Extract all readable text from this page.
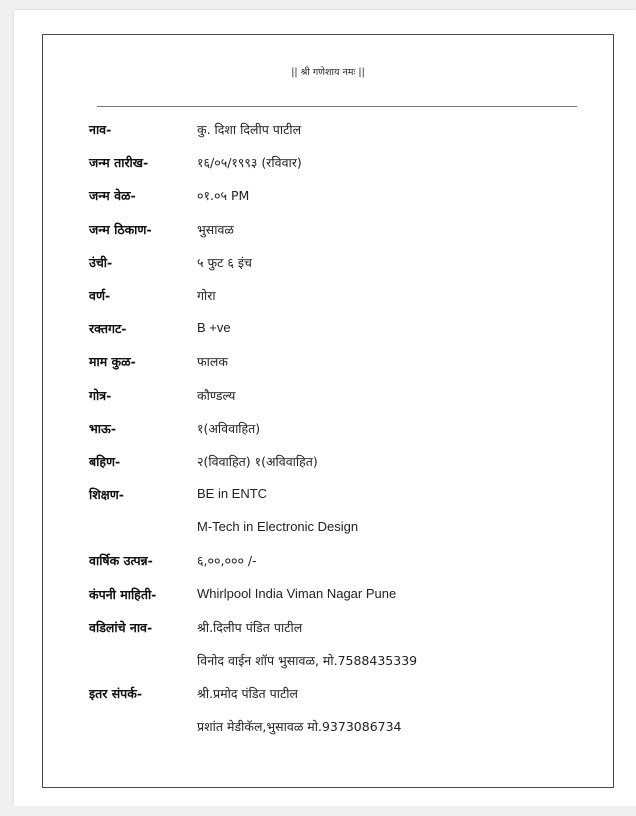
|| श्री गणेशाय नमः ||
नाव-	कु. दिशा दिलीप पाटील
जन्म तारीख-	१६/०५/१९९३ (रविवार)
जन्म वेळ-	०१.०५ PM
जन्म ठिकाण-	भुसावळ
उंची-	५ फुट ६ इंच
वर्ण-	गोरा
रक्तगट-	B +ve
माम कुळ-	फालक
गोत्र-	कौण्डल्य
भाऊ-	१(अविवाहित)
बहिण-	२(विवाहित) १(अविवाहित)
शिक्षण-	BE in ENTC
M-Tech in Electronic Design
वार्षिक उत्पन्न-	६,००,००० /-
कंपनी माहिती-	Whirlpool India Viman Nagar Pune
वडिलांचे नाव-	श्री.दिलीप पंडित पाटील
विनोद वाईन शॉप भुसावळ, मो.7588435339
इतर संपर्क-	श्री.प्रमोद पंडित पाटील
प्रशांत मेडीकॅल,भुसावळ मो.9373086734
